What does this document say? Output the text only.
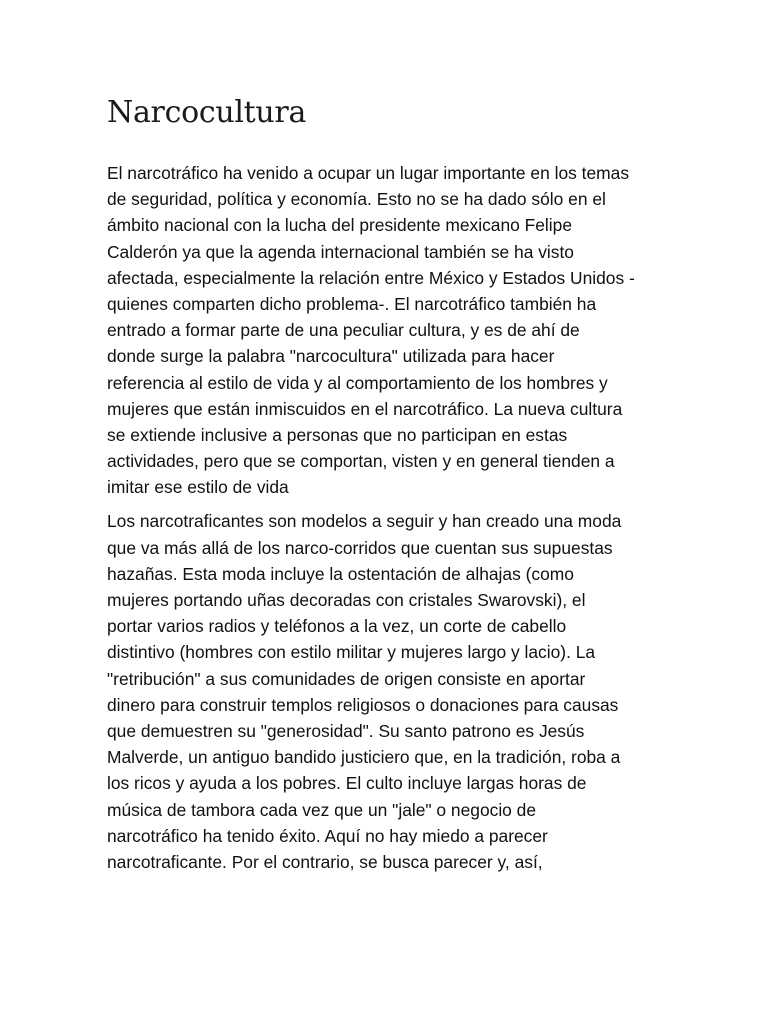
Narcocultura

El narcotráfico ha venido a ocupar un lugar importante en los temas
de seguridad, política y economía. Esto no se ha dado sólo en el
ámbito nacional con la lucha del presidente mexicano Felipe
Calderón ya que la agenda internacional también se ha visto
afectada, especialmente la relación entre México y Estados Unidos -
quienes comparten dicho problema-. El narcotráfico también ha
entrado a formar parte de una peculiar cultura, y es de ahí de
donde surge la palabra "narcocultura" utilizada para hacer
referencia al estilo de vida y al comportamiento de los hombres y
mujeres que están inmiscuidos en el narcotráfico. La nueva cultura
se extiende inclusive a personas que no participan en estas
actividades, pero que se comportan, visten y en general tienden a
imitar ese estilo de vida

Los narcotraficantes son modelos a seguir y han creado una moda
que va más allá de los narco-corridos que cuentan sus supuestas
hazañas. Esta moda incluye la ostentación de alhajas (como
mujeres portando uñas decoradas con cristales Swarovski), el
portar varios radios y teléfonos a la vez, un corte de cabello
distintivo (hombres con estilo militar y mujeres largo y lacio). La
"retribución" a sus comunidades de origen consiste en aportar
dinero para construir templos religiosos o donaciones para causas
que demuestren su "generosidad". Su santo patrono es Jesús
Malverde, un antiguo bandido justiciero que, en la tradición, roba a
los ricos y ayuda a los pobres. El culto incluye largas horas de
música de tambora cada vez que un "jale" o negocio de
narcotráfico ha tenido éxito. Aquí no hay miedo a parecer
narcotraficante. Por el contrario, se busca parecer y, así,
